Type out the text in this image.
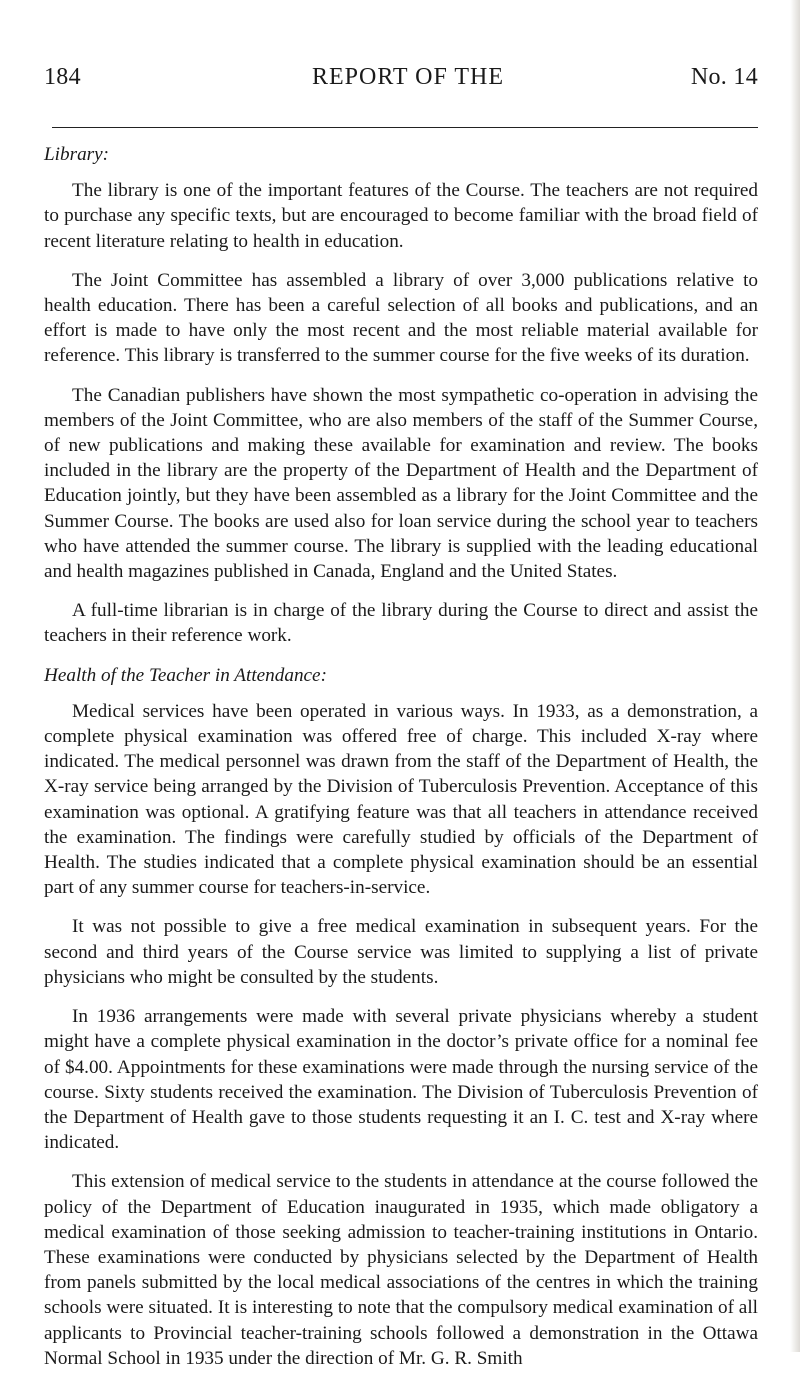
184	REPORT OF THE	No. 14
Library:

The library is one of the important features of the Course. The teachers are not required to purchase any specific texts, but are encouraged to become familiar with the broad field of recent literature relating to health in education.

The Joint Committee has assembled a library of over 3,000 publications relative to health education. There has been a careful selection of all books and publications, and an effort is made to have only the most recent and the most reliable material available for reference. This library is transferred to the summer course for the five weeks of its duration.

The Canadian publishers have shown the most sympathetic co-operation in advising the members of the Joint Committee, who are also members of the staff of the Summer Course, of new publications and making these available for examination and review. The books included in the library are the property of the Department of Health and the Department of Education jointly, but they have been assembled as a library for the Joint Committee and the Summer Course. The books are used also for loan service during the school year to teachers who have attended the summer course. The library is supplied with the leading educational and health magazines published in Canada, England and the United States.

A full-time librarian is in charge of the library during the Course to direct and assist the teachers in their reference work.

Health of the Teacher in Attendance:

Medical services have been operated in various ways. In 1933, as a demonstration, a complete physical examination was offered free of charge. This included X-ray where indicated. The medical personnel was drawn from the staff of the Department of Health, the X-ray service being arranged by the Division of Tuberculosis Prevention. Acceptance of this examination was optional. A gratifying feature was that all teachers in attendance received the examination. The findings were carefully studied by officials of the Department of Health. The studies indicated that a complete physical examination should be an essential part of any summer course for teachers-in-service.

It was not possible to give a free medical examination in subsequent years. For the second and third years of the Course service was limited to supplying a list of private physicians who might be consulted by the students.

In 1936 arrangements were made with several private physicians whereby a student might have a complete physical examination in the doctor’s private office for a nominal fee of $4.00. Appointments for these examinations were made through the nursing service of the course. Sixty students received the examination. The Division of Tuberculosis Prevention of the Department of Health gave to those students requesting it an I. C. test and X-ray where indicated.

This extension of medical service to the students in attendance at the course followed the policy of the Department of Education inaugurated in 1935, which made obligatory a medical examination of those seeking admission to teacher-training institutions in Ontario. These examinations were conducted by physicians selected by the Department of Health from panels submitted by the local medical associations of the centres in which the training schools were situated. It is interesting to note that the compulsory medical examination of all applicants to Provincial teacher-training schools followed a demonstration in the Ottawa Normal School in 1935 under the direction of Mr. G. R. Smith
